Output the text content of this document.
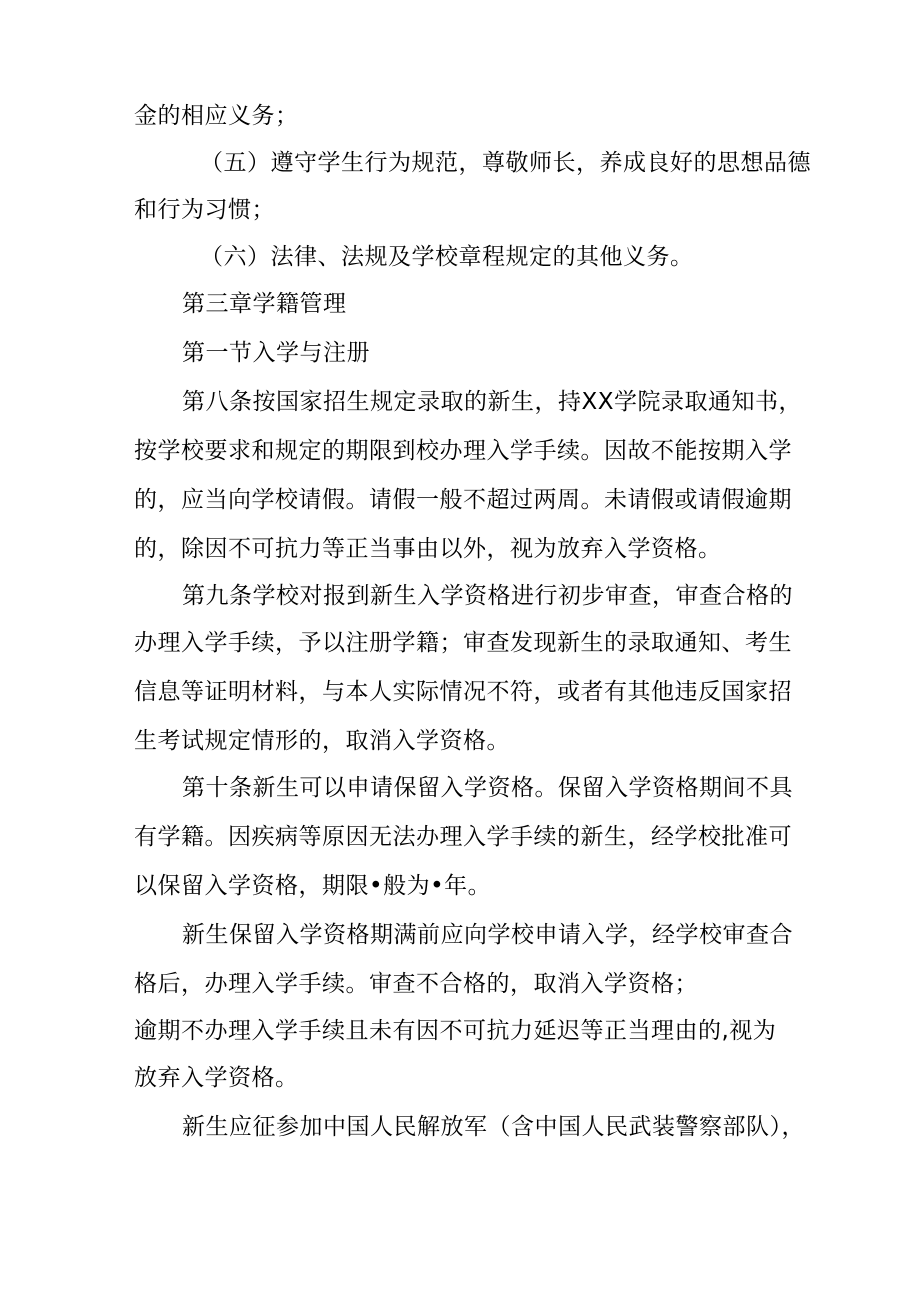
金的相应义务；
（五）遵守学生行为规范，尊敬师长，养成良好的思想品德
和行为习惯；
（六）法律、法规及学校章程规定的其他义务。
第三章学籍管理
第一节入学与注册
第八条按国家招生规定录取的新生，持XX学院录取通知书，
按学校要求和规定的期限到校办理入学手续。因故不能按期入学
的，应当向学校请假。请假一般不超过两周。未请假或请假逾期
的，除因不可抗力等正当事由以外，视为放弃入学资格。
第九条学校对报到新生入学资格进行初步审查，审查合格的
办理入学手续，予以注册学籍；审查发现新生的录取通知、考生
信息等证明材料，与本人实际情况不符，或者有其他违反国家招
生考试规定情形的，取消入学资格。
第十条新生可以申请保留入学资格。保留入学资格期间不具
有学籍。因疾病等原因无法办理入学手续的新生，经学校批准可
以保留入学资格，期限•般为•年。
新生保留入学资格期满前应向学校申请入学，经学校审查合
格后，办理入学手续。审查不合格的，取消入学资格；
逾期不办理入学手续且未有因不可抗力延迟等正当理由的,视为
放弃入学资格。
新生应征参加中国人民解放军（含中国人民武装警察部队），
